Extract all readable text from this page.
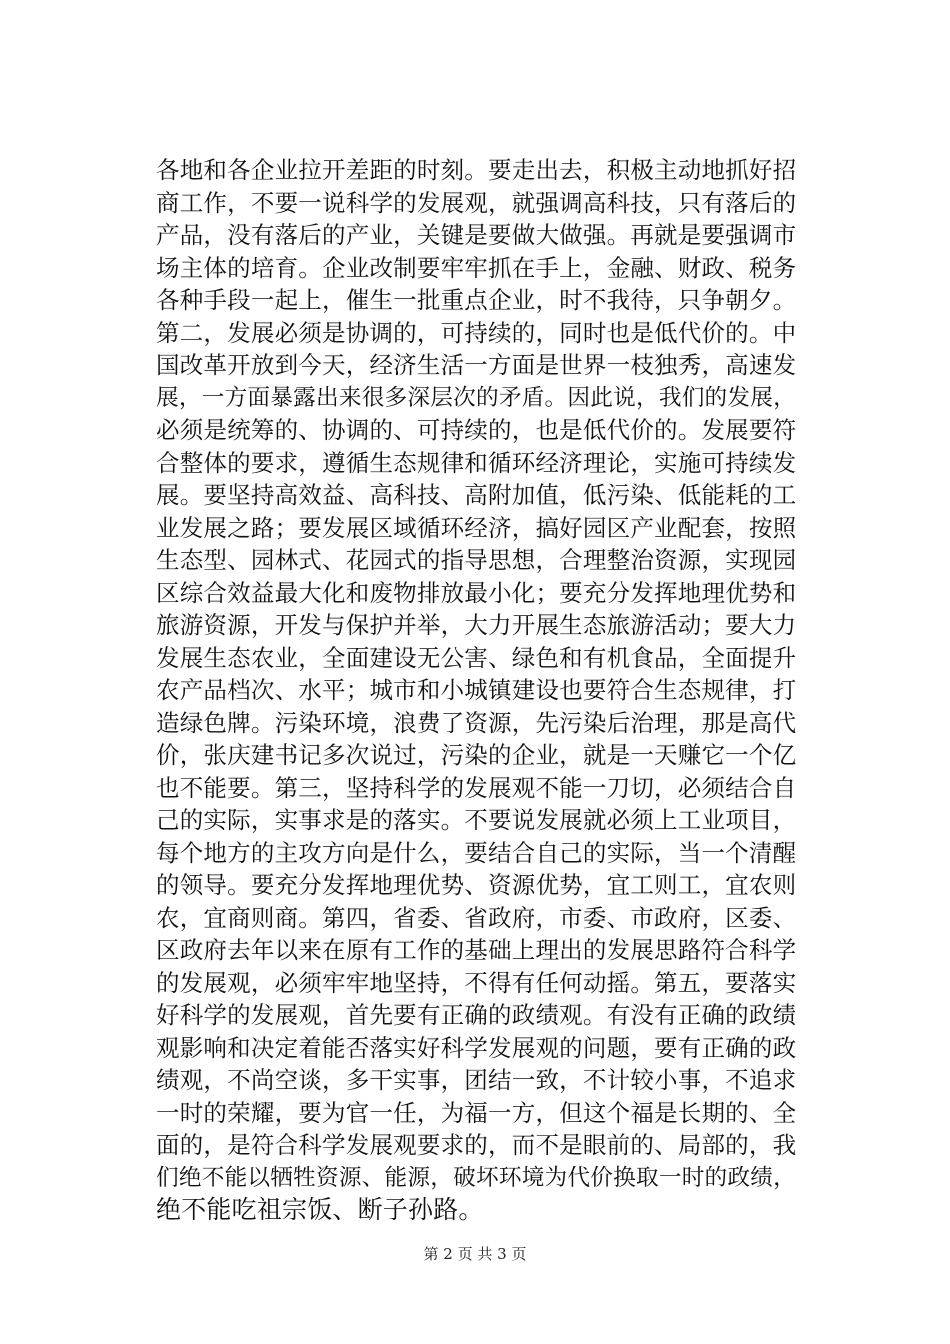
各地和各企业拉开差距的时刻。要走出去，积极主动地抓好招
商工作，不要一说科学的发展观，就强调高科技，只有落后的
产品，没有落后的产业，关键是要做大做强。再就是要强调市
场主体的培育。企业改制要牢牢抓在手上，金融、财政、税务
各种手段一起上，催生一批重点企业，时不我待，只争朝夕。
第二，发展必须是协调的，可持续的，同时也是低代价的。中
国改革开放到今天，经济生活一方面是世界一枝独秀，高速发
展，一方面暴露出来很多深层次的矛盾。因此说，我们的发展，
必须是统筹的、协调的、可持续的，也是低代价的。发展要符
合整体的要求，遵循生态规律和循环经济理论，实施可持续发
展。要坚持高效益、高科技、高附加值，低污染、低能耗的工
业发展之路；要发展区域循环经济，搞好园区产业配套，按照
生态型、园林式、花园式的指导思想，合理整治资源，实现园
区综合效益最大化和废物排放最小化；要充分发挥地理优势和
旅游资源，开发与保护并举，大力开展生态旅游活动；要大力
发展生态农业，全面建设无公害、绿色和有机食品，全面提升
农产品档次、水平；城市和小城镇建设也要符合生态规律，打
造绿色牌。污染环境，浪费了资源，先污染后治理，那是高代
价，张庆建书记多次说过，污染的企业，就是一天赚它一个亿
也不能要。第三，坚持科学的发展观不能一刀切，必须结合自
己的实际，实事求是的落实。不要说发展就必须上工业项目，
每个地方的主攻方向是什么，要结合自己的实际，当一个清醒
的领导。要充分发挥地理优势、资源优势，宜工则工，宜农则
农，宜商则商。第四，省委、省政府，市委、市政府，区委、
区政府去年以来在原有工作的基础上理出的发展思路符合科学
的发展观，必须牢牢地坚持，不得有任何动摇。第五，要落实
好科学的发展观，首先要有正确的政绩观。有没有正确的政绩
观影响和决定着能否落实好科学发展观的问题，要有正确的政
绩观，不尚空谈，多干实事，团结一致，不计较小事，不追求
一时的荣耀，要为官一任，为福一方，但这个福是长期的、全
面的，是符合科学发展观要求的，而不是眼前的、局部的，我
们绝不能以牺牲资源、能源，破坏环境为代价换取一时的政绩，
绝不能吃祖宗饭、断子孙路。
第 2 页 共 3 页
